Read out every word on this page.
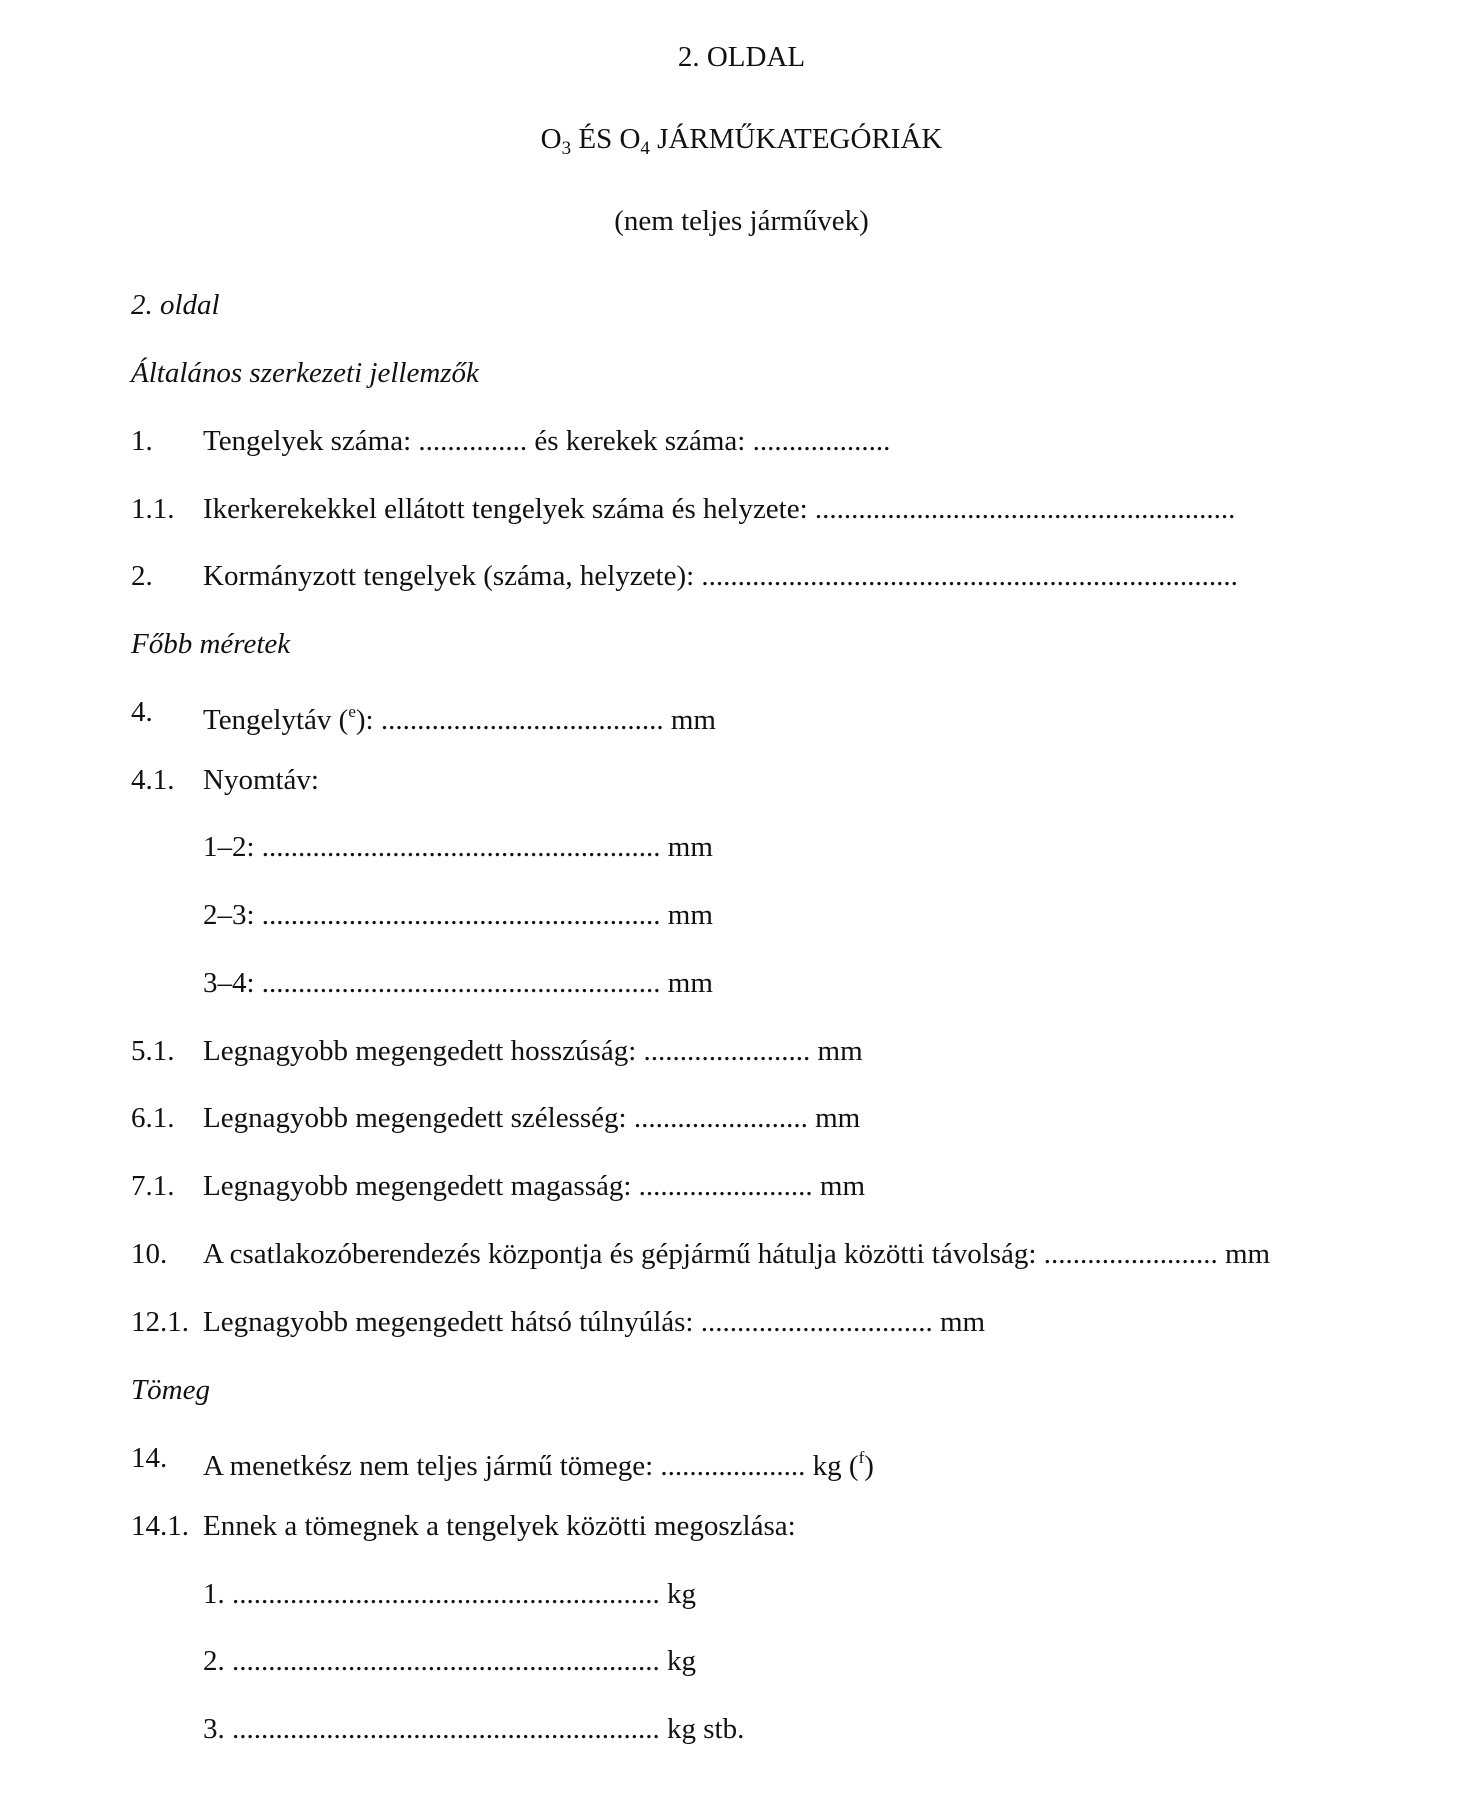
2. OLDAL
$O_3$ ÉS $O_4$ JÁRMŰKATEGÓRIÁK
(nem teljes járművek)
2. oldal
Általános szerkezeti jellemzők
1. Tengelyek száma: ............... és kerekek száma: ...................
1.1. Ikerkerekekkel ellátott tengelyek száma és helyzete: ..........................................................
2. Kormányzott tengelyek (száma, helyzete): ..........................................................................
Főbb méretek
4. Tengelytáv ($^e$): ....................................... mm
4.1. Nyomtáv:
1–2: ....................................................... mm
2–3: ....................................................... mm
3–4: ....................................................... mm
5.1. Legnagyobb megengedett hosszúság: ....................... mm
6.1. Legnagyobb megengedett szélesség: ........................ mm
7.1. Legnagyobb megengedett magasság: ........................ mm
10. A csatlakozóberendezés központja és gépjármű hátulja közötti távolság: ........................ mm
12.1. Legnagyobb megengedett hátsó túlnyúlás: ................................ mm
Tömeg
14. A menetkész nem teljes jármű tömege: .................... kg ($^f$)
14.1. Ennek a tömegnek a tengelyek közötti megoszlása:
1. ........................................................... kg
2. ........................................................... kg
3. ........................................................... kg stb.
